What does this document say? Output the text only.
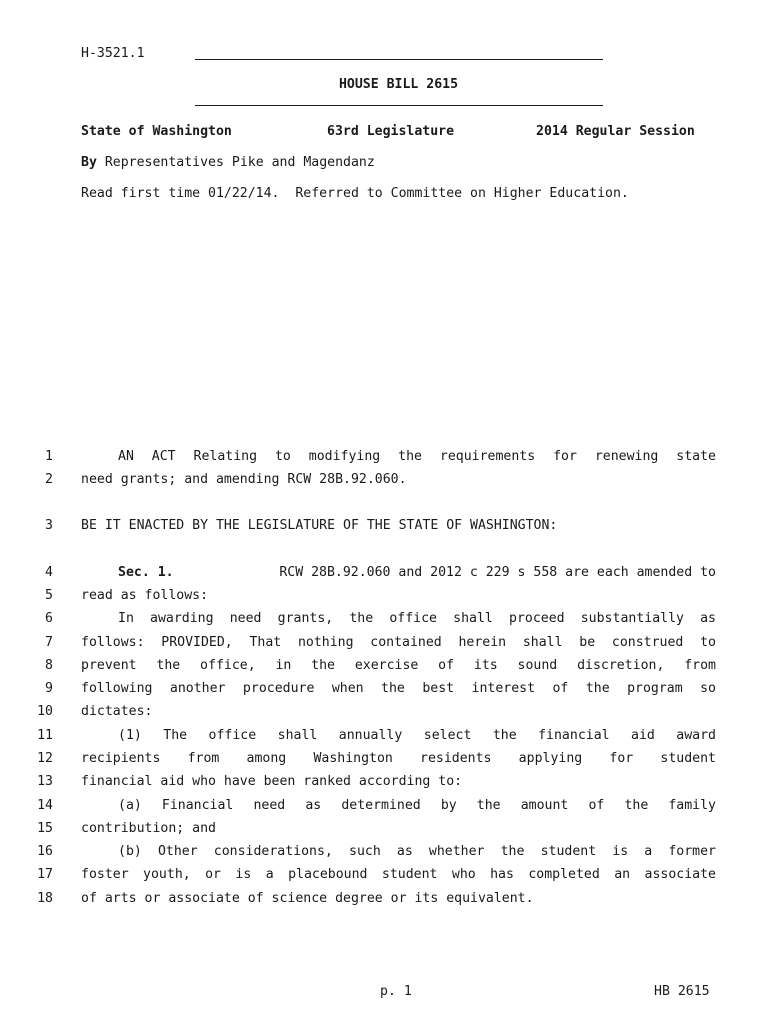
H-3521.1
HOUSE BILL 2615
State of Washington	63rd Legislature	2014 Regular Session
By Representatives Pike and Magendanz
Read first time 01/22/14.  Referred to Committee on Higher Education.
1
2
3
4
5
6
7
8
9
10
11
12
13
14
15
16
17
18
AN ACT Relating to modifying the requirements for renewing state
need grants; and amending RCW 28B.92.060.
BE IT ENACTED BY THE LEGISLATURE OF THE STATE OF WASHINGTON:
Sec. 1.	RCW 28B.92.060 and 2012 c 229 s 558 are each amended to
read as follows:
In awarding need grants, the office shall proceed substantially as
follows: PROVIDED, That nothing contained herein shall be construed to
prevent the office, in the exercise of its sound discretion, from
following another procedure when the best interest of the program so
dictates:
(1) The office shall annually select the financial aid award
recipients from among Washington residents applying for student
financial aid who have been ranked according to:
(a) Financial need as determined by the amount of the family
contribution; and
(b) Other considerations, such as whether the student is a former
foster youth, or is a placebound student who has completed an associate
of arts or associate of science degree or its equivalent.
p. 1	HB 2615
